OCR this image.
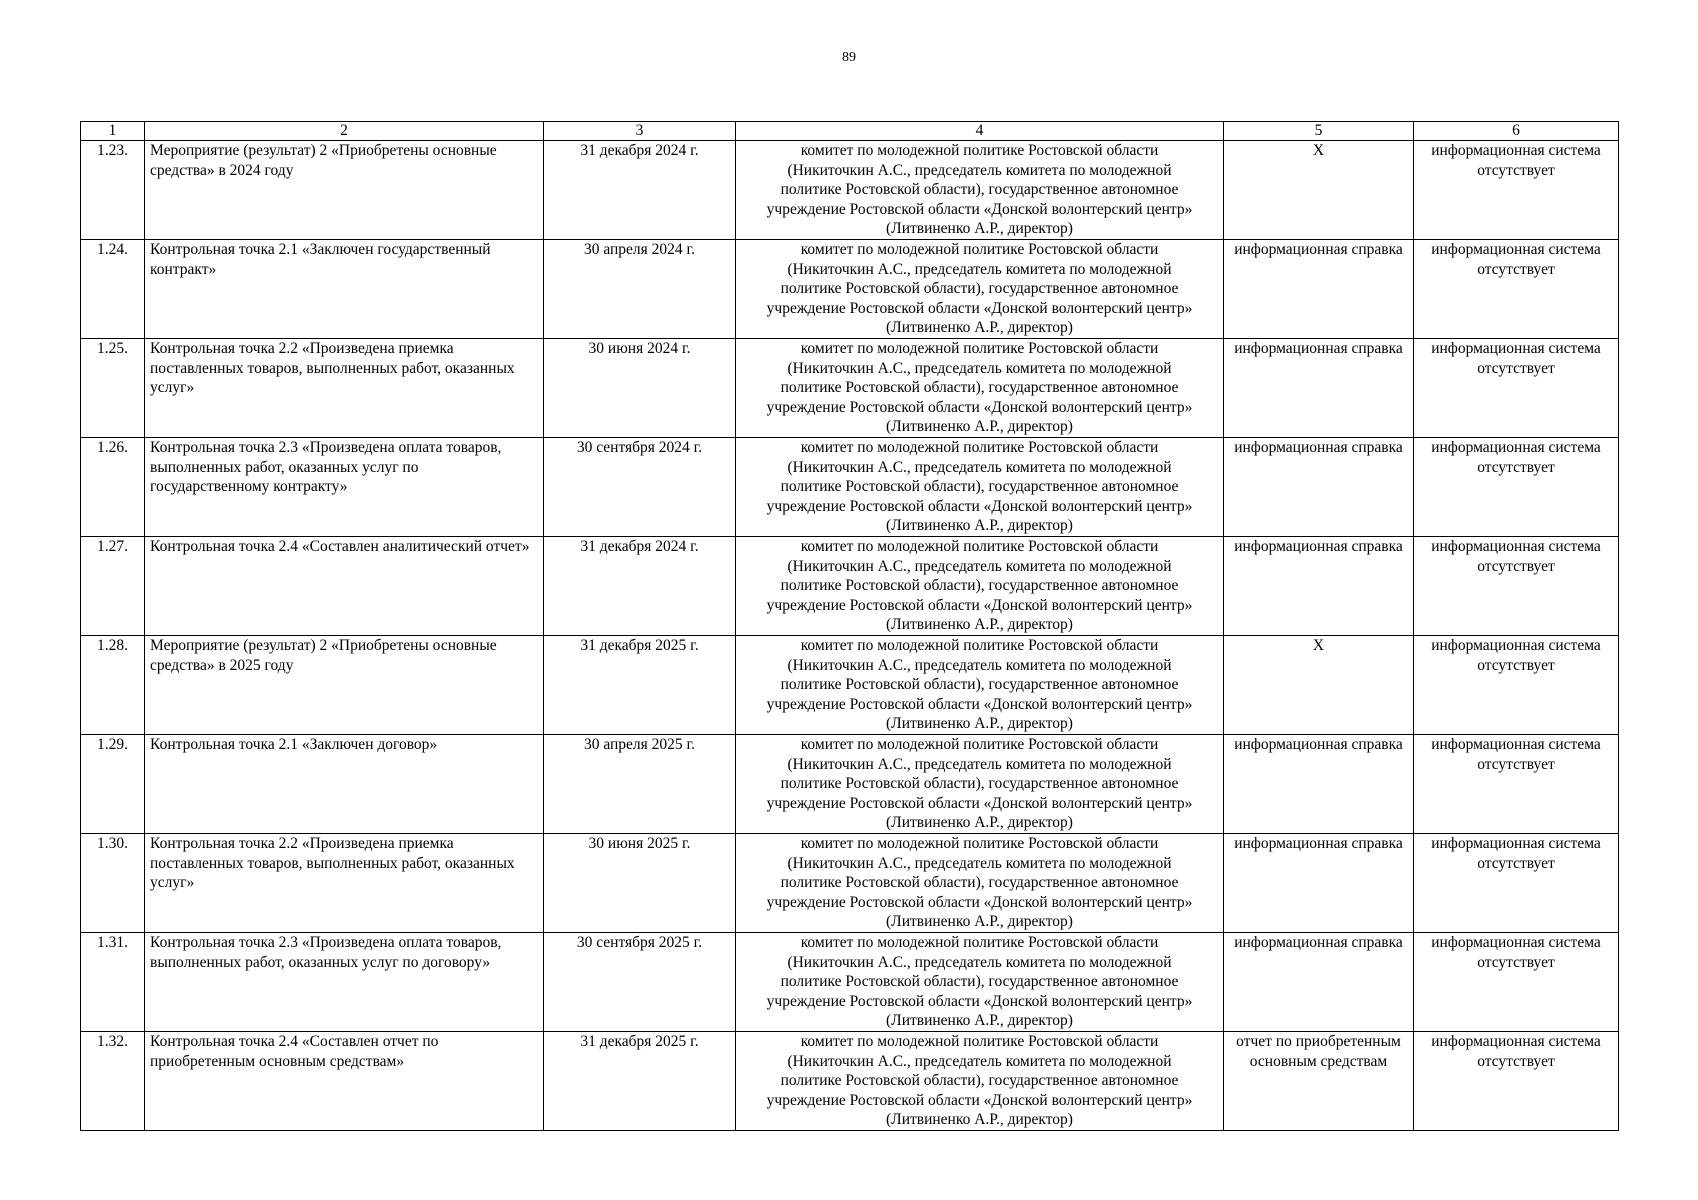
89
1	2	3	4	5	6
1.23.	Мероприятие (результат) 2 «Приобретены основные средства» в 2024 году	31 декабря 2024 г.	комитет по молодежной политике Ростовской области
(Никиточкин А.С., председатель комитета по молодежной
политике Ростовской области), государственное автономное
учреждение Ростовской области «Донской волонтерский центр»
(Литвиненко А.Р., директор)	X	информационная система отсутствует
1.24.	Контрольная точка 2.1 «Заключен государственный контракт»	30 апреля 2024 г.	комитет по молодежной политике Ростовской области
(Никиточкин А.С., председатель комитета по молодежной
политике Ростовской области), государственное автономное
учреждение Ростовской области «Донской волонтерский центр»
(Литвиненко А.Р., директор)	информационная справка	информационная система отсутствует
1.25.	Контрольная точка 2.2 «Произведена приемка поставленных товаров, выполненных работ, оказанных услуг»	30 июня 2024 г.	комитет по молодежной политике Ростовской области
(Никиточкин А.С., председатель комитета по молодежной
политике Ростовской области), государственное автономное
учреждение Ростовской области «Донской волонтерский центр»
(Литвиненко А.Р., директор)	информационная справка	информационная система отсутствует
1.26.	Контрольная точка 2.3 «Произведена оплата товаров, выполненных работ, оказанных услуг по государственному контракту»	30 сентября 2024 г.	комитет по молодежной политике Ростовской области
(Никиточкин А.С., председатель комитета по молодежной
политике Ростовской области), государственное автономное
учреждение Ростовской области «Донской волонтерский центр»
(Литвиненко А.Р., директор)	информационная справка	информационная система отсутствует
1.27.	Контрольная точка 2.4 «Составлен аналитический отчет»	31 декабря 2024 г.	комитет по молодежной политике Ростовской области
(Никиточкин А.С., председатель комитета по молодежной
политике Ростовской области), государственное автономное
учреждение Ростовской области «Донской волонтерский центр»
(Литвиненко А.Р., директор)	информационная справка	информационная система отсутствует
1.28.	Мероприятие (результат) 2 «Приобретены основные средства» в 2025 году	31 декабря 2025 г.	комитет по молодежной политике Ростовской области
(Никиточкин А.С., председатель комитета по молодежной
политике Ростовской области), государственное автономное
учреждение Ростовской области «Донской волонтерский центр»
(Литвиненко А.Р., директор)	X	информационная система отсутствует
1.29.	Контрольная точка 2.1 «Заключен договор»	30 апреля 2025 г.	комитет по молодежной политике Ростовской области
(Никиточкин А.С., председатель комитета по молодежной
политике Ростовской области), государственное автономное
учреждение Ростовской области «Донской волонтерский центр»
(Литвиненко А.Р., директор)	информационная справка	информационная система отсутствует
1.30.	Контрольная точка 2.2 «Произведена приемка поставленных товаров, выполненных работ, оказанных услуг»	30 июня 2025 г.	комитет по молодежной политике Ростовской области
(Никиточкин А.С., председатель комитета по молодежной
политике Ростовской области), государственное автономное
учреждение Ростовской области «Донской волонтерский центр»
(Литвиненко А.Р., директор)	информационная справка	информационная система отсутствует
1.31.	Контрольная точка 2.3 «Произведена оплата товаров, выполненных работ, оказанных услуг по договору»	30 сентября 2025 г.	комитет по молодежной политике Ростовской области
(Никиточкин А.С., председатель комитета по молодежной
политике Ростовской области), государственное автономное
учреждение Ростовской области «Донской волонтерский центр»
(Литвиненко А.Р., директор)	информационная справка	информационная система отсутствует
1.32.	Контрольная точка 2.4 «Составлен отчет по приобретенным основным средствам»	31 декабря 2025 г.	комитет по молодежной политике Ростовской области
(Никиточкин А.С., председатель комитета по молодежной
политике Ростовской области), государственное автономное
учреждение Ростовской области «Донской волонтерский центр»
(Литвиненко А.Р., директор)	отчет по приобретенным основным средствам	информационная система отсутствует
